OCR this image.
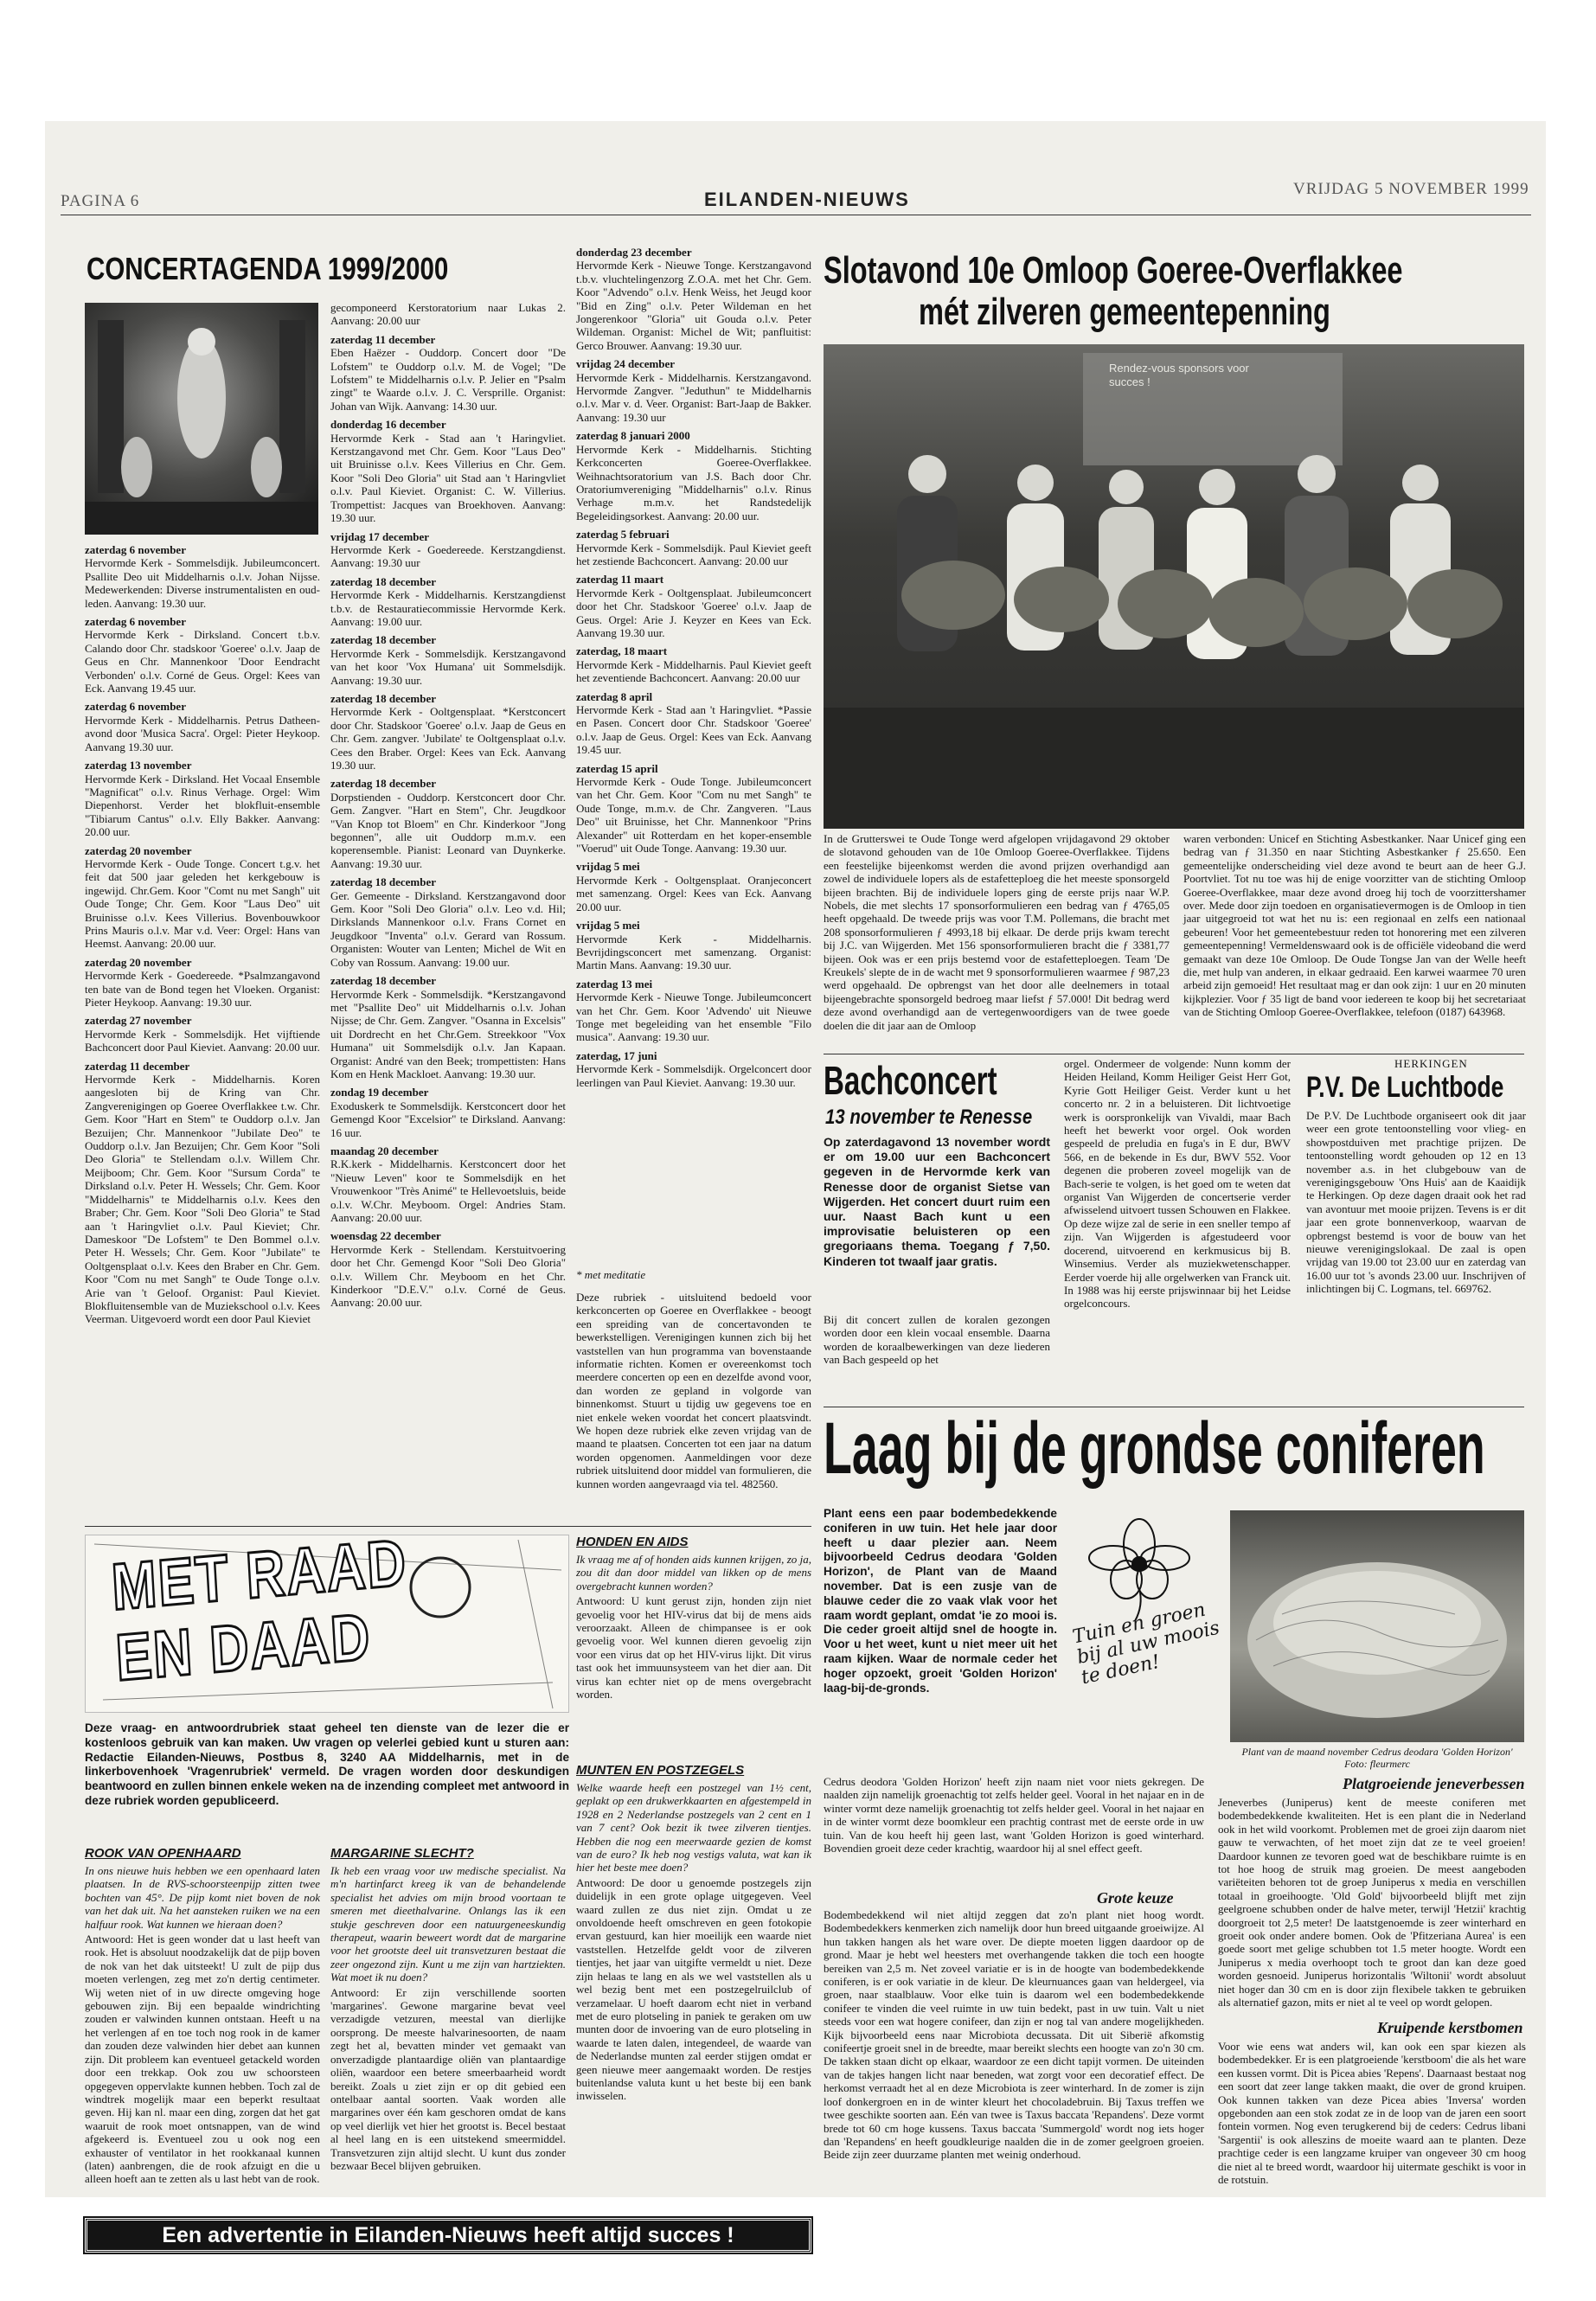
PAGINA 6	EILANDEN-NIEUWS	VRIJDAG 5 NOVEMBER 1999
CONCERTAGENDA 1999/2000
zaterdag 6 november

Hervormde Kerk - Sommelsdijk. Jubileumconcert. Psallite Deo uit Middelharnis o.l.v. Johan Nijsse. Medewerkenden: Diverse instrumentalisten en oud-leden. Aanvang: 19.30 uur.

zaterdag 6 november

Hervormde Kerk - Dirksland. Concert t.b.v. Calando door Chr. stadskoor 'Goeree' o.l.v. Jaap de Geus en Chr. Mannenkoor 'Door Eendracht Verbonden' o.l.v. Corné de Geus. Orgel: Kees van Eck. Aanvang 19.45 uur.

zaterdag 6 november

Hervormde Kerk - Middelharnis. Petrus Datheen-avond door 'Musica Sacra'. Orgel: Pieter Heykoop. Aanvang 19.30 uur.

zaterdag 13 november

Hervormde Kerk - Dirksland. Het Vocaal Ensemble "Magnificat" o.l.v. Rinus Verhage. Orgel: Wim Diepenhorst. Verder het blokfluit-ensemble "Tibiarum Cantus" o.l.v. Elly Bakker. Aanvang: 20.00 uur.

zaterdag 20 november

Hervormde Kerk - Oude Tonge. Concert t.g.v. het feit dat 500 jaar geleden het kerkgebouw is ingewijd. Chr.Gem. Koor "Comt nu met Sangh" uit Oude Tonge; Chr. Gem. Koor "Laus Deo" uit Bruinisse o.l.v. Kees Villerius. Bovenbouwkoor Prins Mauris o.l.v. Mar v.d. Veer: Orgel: Hans van Heemst. Aanvang: 20.00 uur.

zaterdag 20 november

Hervormde Kerk - Goedereede. *Psalmzangavond ten bate van de Bond tegen het Vloeken. Organist: Pieter Heykoop. Aanvang: 19.30 uur.

zaterdag 27 november

Hervormde Kerk - Sommelsdijk. Het vijftiende Bachconcert door Paul Kieviet. Aanvang: 20.00 uur.

zaterdag 11 december

Hervormde Kerk - Middelharnis. Koren aangesloten bij de Kring van Chr. Zangverenigingen op Goeree Overflakkee t.w. Chr. Gem. Koor "Hart en Stem" te Ouddorp o.l.v. Jan Bezuijen; Chr. Mannenkoor "Jubilate Deo" te Ouddorp o.l.v. Jan Bezuijen; Chr. Gem Koor "Soli Deo Gloria" te Stellendam o.l.v. Willem Chr. Meijboom; Chr. Gem. Koor "Sursum Corda" te Dirksland o.l.v. Peter H. Wessels; Chr. Gem. Koor "Middelharnis" te Middelharnis o.l.v. Kees den Braber; Chr. Gem. Koor "Soli Deo Gloria" te Stad aan 't Haringvliet o.l.v. Paul Kieviet; Chr. Dameskoor "De Lofstem" te Den Bommel o.l.v. Peter H. Wessels; Chr. Gem. Koor "Jubilate" te Ooltgensplaat o.l.v. Kees den Braber en Chr. Gem. Koor "Com nu met Sangh" te Oude Tonge o.l.v. Arie van 't Geloof. Organist: Paul Kieviet. Blokfluitensemble van de Muziekschool o.l.v. Kees Veerman. Uitgevoerd wordt een door Paul Kieviet

gecomponeerd Kerstoratorium naar Lukas 2. Aanvang: 20.00 uur

zaterdag 11 december

Eben Haëzer - Ouddorp. Concert door "De Lofstem" te Ouddorp o.l.v. M. de Vogel; "De Lofstem" te Middelharnis o.l.v. P. Jelier en "Psalm zingt" te Waarde o.l.v. J. C. Versprille. Organist: Johan van Wijk. Aanvang: 14.30 uur.

donderdag 16 december

Hervormde Kerk - Stad aan 't Haringvliet. Kerstzangavond met Chr. Gem. Koor "Laus Deo" uit Bruinisse o.l.v. Kees Villerius en Chr. Gem. Koor "Soli Deo Gloria" uit Stad aan 't Haringvliet o.l.v. Paul Kieviet. Organist: C. W. Villerius. Trompettist: Jacques van Broekhoven. Aanvang: 19.30 uur.

vrijdag 17 december

Hervormde Kerk - Goedereede. Kerstzangdienst. Aanvang: 19.30 uur

zaterdag 18 december

Hervormde Kerk - Middelharnis. Kerstzangdienst t.b.v. de Restauratiecommissie Hervormde Kerk. Aanvang: 19.00 uur.

zaterdag 18 december

Hervormde Kerk - Sommelsdijk. Kerstzangavond van het koor 'Vox Humana' uit Sommelsdijk. Aanvang: 19.30 uur.

zaterdag 18 december

Hervormde Kerk - Ooltgensplaat. *Kerstconcert door Chr. Stadskoor 'Goeree' o.l.v. Jaap de Geus en Chr. Gem. zangver. 'Jubilate' te Ooltgensplaat o.l.v. Cees den Braber. Orgel: Kees van Eck. Aanvang 19.30 uur.

zaterdag 18 december

Dorpstienden - Ouddorp. Kerstconcert door Chr. Gem. Zangver. "Hart en Stem", Chr. Jeugdkoor "Van Knop tot Bloem" en Chr. Kinderkoor "Jong begonnen", alle uit Ouddorp m.m.v. een koperensemble. Pianist: Leonard van Duynkerke. Aanvang: 19.30 uur.

zaterdag 18 december

Ger. Gemeente - Dirksland. Kerstzangavond door Gem. Koor "Soli Deo Gloria" o.l.v. Leo v.d. Hil; Dirkslands Mannenkoor o.l.v. Frans Cornet en Jeugdkoor "Inventa" o.l.v. Gerard van Rossum. Organisten: Wouter van Lenten; Michel de Wit en Coby van Rossum. Aanvang: 19.00 uur.

zaterdag 18 december

Hervormde Kerk - Sommelsdijk. *Kerstzangavond met "Psallite Deo" uit Middelharnis o.l.v. Johan Nijsse; de Chr. Gem. Zangver. "Osanna in Excelsis" uit Dordrecht en het Chr.Gem. Streekkoor "Vox Humana" uit Sommelsdijk o.l.v. Jan Kapaan. Organist: André van den Beek; trompettisten: Hans Kom en Henk Mackloet. Aanvang: 19.30 uur.

zondag 19 december

Exoduskerk te Sommelsdijk. Kerstconcert door het Gemengd Koor "Excelsior" te Dirksland. Aanvang: 16 uur.

maandag 20 december

R.K.kerk - Middelharnis. Kerstconcert door het "Nieuw Leven" koor te Sommelsdijk en het Vrouwenkoor "Très Animé" te Hellevoetsluis, beide o.l.v. W.Chr. Meyboom. Orgel: Andries Stam. Aanvang: 20.00 uur.

woensdag 22 december

Hervormde Kerk - Stellendam. Kerstuitvoering door het Chr. Gemengd Koor "Soli Deo Gloria" o.l.v. Willem Chr. Meyboom en het Chr. Kinderkoor "D.E.V." o.l.v. Corné de Geus. Aanvang: 20.00 uur.

donderdag 23 december

Hervormde Kerk - Nieuwe Tonge. Kerstzangavond t.b.v. vluchtelingenzorg Z.O.A. met het Chr. Gem. Koor "Advendo" o.l.v. Henk Weiss, het Jeugd koor "Bid en Zing" o.l.v. Peter Wildeman en het Jongerenkoor "Gloria" uit Gouda o.l.v. Peter Wildeman. Organist: Michel de Wit; panfluitist: Gerco Brouwer. Aanvang: 19.30 uur.

vrijdag 24 december

Hervormde Kerk - Middelharnis. Kerstzangavond. Hervormde Zangver. "Jeduthun" te Middelharnis o.l.v. Mar v. d. Veer. Organist: Bart-Jaap de Bakker. Aanvang: 19.30 uur

zaterdag 8 januari 2000

Hervormde Kerk - Middelharnis. Stichting Kerkconcerten Goeree-Overflakkee. Weihnachtsoratorium van J.S. Bach door Chr. Oratoriumvereniging "Middelharnis" o.l.v. Rinus Verhage m.m.v. het Randstedelijk Begeleidingsorkest. Aanvang: 20.00 uur.

zaterdag 5 februari

Hervormde Kerk - Sommelsdijk. Paul Kieviet geeft het zestiende Bachconcert. Aanvang: 20.00 uur

zaterdag 11 maart

Hervormde Kerk - Ooltgensplaat. Jubileumconcert door het Chr. Stadskoor 'Goeree' o.l.v. Jaap de Geus. Orgel: Arie J. Keyzer en Kees van Eck. Aanvang 19.30 uur.

zaterdag, 18 maart

Hervormde Kerk - Middelharnis. Paul Kieviet geeft het zeventiende Bachconcert. Aanvang: 20.00 uur

zaterdag 8 april

Hervormde Kerk - Stad aan 't Haringvliet. *Passie en Pasen. Concert door Chr. Stadskoor 'Goeree' o.l.v. Jaap de Geus. Orgel: Kees van Eck. Aanvang 19.45 uur.

zaterdag 15 april

Hervormde Kerk - Oude Tonge. Jubileumconcert van het Chr. Gem. Koor "Com nu met Sangh" te Oude Tonge, m.m.v. de Chr. Zangveren. "Laus Deo" uit Bruinisse, het Chr. Mannenkoor "Prins Alexander" uit Rotterdam en het koper-ensemble "Voerud" uit Oude Tonge. Aanvang: 19.30 uur.

vrijdag 5 mei

Hervormde Kerk - Ooltgensplaat. Oranjeconcert met samenzang. Orgel: Kees van Eck. Aanvang 20.00 uur.

vrijdag 5 mei

Hervormde Kerk - Middelharnis. Bevrijdingsconcert met samenzang. Organist: Martin Mans. Aanvang: 19.30 uur.

zaterdag 13 mei

Hervormde Kerk - Nieuwe Tonge. Jubileumconcert van het Chr. Gem. Koor 'Advendo' uit Nieuwe Tonge met begeleiding van het ensemble "Filo musica". Aanvang: 19.30 uur.

zaterdag, 17 juni

Hervormde Kerk - Sommelsdijk. Orgelconcert door leerlingen van Paul Kieviet. Aanvang: 19.30 uur.

* met meditatie
Deze rubriek - uitsluitend bedoeld voor kerkconcerten op Goeree en Overflakkee - beoogt een spreiding van de concertavonden te bewerkstelligen. Verenigingen kunnen zich bij het vaststellen van hun programma van bovenstaande informatie richten. Komen er overeenkomst toch meerdere concerten op een en dezelfde avond voor, dan worden ze gepland in volgorde van binnenkomst. Stuurt u tijdig uw gegevens toe en niet enkele weken voordat het concert plaatsvindt. We hopen deze rubriek elke zeven vrijdag van de maand te plaatsen. Concerten tot een jaar na datum worden opgenomen. Aanmeldingen voor deze rubriek uitsluitend door middel van formulieren, die kunnen worden aangevraagd via tel. 482560.
Slotavond 10e Omloop Goeree-Overflakkee
mét zilveren gemeentepenning
Rendez-vous sponsors voor succes !
In de Grutterswei te Oude Tonge werd afgelopen vrijdagavond 29 oktober de slotavond gehouden van de 10e Omloop Goeree-Overflakkee. Tijdens een feestelijke bijeenkomst werden die avond prijzen overhandigd aan zowel de individuele lopers als de estafetteploeg die het meeste sponsorgeld bijeen brachten. Bij de individuele lopers ging de eerste prijs naar W.P. Nobels, die met slechts 17 sponsorformulieren een bedrag van ƒ 4765,05 heeft opgehaald. De tweede prijs was voor T.M. Pollemans, die bracht met 208 sponsorformulieren ƒ 4993,18 bij elkaar. De derde prijs kwam terecht bij J.C. van Wijgerden. Met 156 sponsorformulieren bracht die ƒ 3381,77 bijeen. Ook was er een prijs bestemd voor de estafetteploegen. Team 'De Kreukels' slepte de in de wacht met 9 sponsorformulieren waarmee ƒ 987,23 werd opgehaald. De opbrengst van het door alle deelnemers in totaal bijeengebrachte sponsorgeld bedroeg maar liefst ƒ 57.000! Dit bedrag werd deze avond overhandigd aan de vertegenwoordigers van de twee goede doelen die dit jaar aan de Omloop
waren verbonden: Unicef en Stichting Asbestkanker. Naar Unicef ging een bedrag van ƒ 31.350 en naar Stichting Asbestkanker ƒ 25.650. Een gemeentelijke onderscheiding viel deze avond te beurt aan de heer G.J. Poortvliet. Tot nu toe was hij de enige voorzitter van de stichting Omloop Goeree-Overflakkee, maar deze avond droeg hij toch de voorzittershamer over. Mede door zijn toedoen en organisatievermogen is de Omloop in tien jaar uitgegroeid tot wat het nu is: een regionaal en zelfs een nationaal gebeuren! Voor het gemeentebestuur reden tot honorering met een zilveren gemeentepenning! Vermeldenswaard ook is de officiële videoband die werd gemaakt van deze 10e Omloop. De Oude Tongse Jan van der Welle heeft die, met hulp van anderen, in elkaar gedraaid. Een karwei waarmee 70 uren arbeid zijn gemoeid! Het resultaat mag er dan ook zijn: 1 uur en 20 minuten kijkplezier. Voor ƒ 35 ligt de band voor iedereen te koop bij het secretariaat van de Stichting Omloop Goeree-Overflakkee, telefoon (0187) 643968.
Bachconcert
13 november te Renesse
Op zaterdagavond 13 november wordt er om 19.00 uur een Bachconcert gegeven in de Hervormde kerk van Renesse door de organist Sietse van Wijgerden. Het concert duurt ruim een uur. Naast Bach kunt u een improvisatie beluisteren op een gregoriaans thema. Toegang ƒ 7,50. Kinderen tot twaalf jaar gratis.
Bij dit concert zullen de koralen gezongen worden door een klein vocaal ensemble. Daarna worden de koraalbewerkingen van deze liederen van Bach gespeeld op het
orgel. Ondermeer de volgende: Nunn komm der Heiden Heiland, Komm Heiliger Geist Herr Got, Kyrie Gott Heiliger Geist. Verder kunt u het concerto nr. 2 in a beluisteren. Dit lichtvoetige werk is oorspronkelijk van Vivaldi, maar Bach heeft het bewerkt voor orgel. Ook worden gespeeld de preludia en fuga's in E dur, BWV 566, en de bekende in Es dur, BWV 552. Voor degenen die proberen zoveel mogelijk van de Bach-serie te volgen, is het goed om te weten dat organist Van Wijgerden de concertserie verder afwisselend uitvoert tussen Schouwen en Flakkee. Op deze wijze zal de serie in een sneller tempo af zijn. Van Wijgerden is afgestudeerd voor docerend, uitvoerend en kerkmusicus bij B. Winsemius. Verder als muziekwetenschapper. Eerder voerde hij alle orgelwerken van Franck uit. In 1988 was hij eerste prijswinnaar bij het Leidse orgelconcours.
HERKINGEN
P.V. De Luchtbode
De P.V. De Luchtbode organiseert ook dit jaar weer een grote tentoonstelling voor vlieg- en showpostduiven met prachtige prijzen. De tentoonstelling wordt gehouden op 12 en 13 november a.s. in het clubgebouw van de verenigingsgebouw 'Ons Huis' aan de Kaaidijk te Herkingen. Op deze dagen draait ook het rad van avontuur met mooie prijzen. Tevens is er dit jaar een grote bonnenverkoop, waarvan de opbrengst bestemd is voor de bouw van het nieuwe verenigingslokaal. De zaal is open vrijdag van 19.00 tot 23.00 uur en zaterdag van 16.00 uur tot 's avonds 23.00 uur. Inschrijven of inlichtingen bij C. Logmans, tel. 669762.
Laag bij de grondse coniferen
Plant eens een paar bodembedekkende coniferen in uw tuin. Het hele jaar door heeft u daar plezier aan. Neem bijvoorbeeld Cedrus deodara 'Golden Horizon', de Plant van de Maand november. Dat is een zusje van de blauwe ceder die zo vaak vlak voor het raam wordt geplant, omdat 'ie zo mooi is. Die ceder groeit altijd snel de hoogte in. Voor u het weet, kunt u niet meer uit het raam kijken. Waar de normale ceder het hoger opzoekt, groeit 'Golden Horizon' laag-bij-de-gronds.
Tuin en groen bij al uw moois te doen!
Plant van de maand november Cedrus deodara 'Golden Horizon' Foto: fleurmerc
Cedrus deodora 'Golden Horizon' heeft zijn naam niet voor niets gekregen. De naalden zijn namelijk groenachtig tot zelfs helder geel. Vooral in het najaar en in de winter vormt deze namelijk groenachtig tot zelfs helder geel. Vooral in het najaar en in de winter vormt deze boomkleur een prachtig contrast met de eerste orde in uw tuin. Van de kou heeft hij geen last, want 'Golden Horizon is goed winterhard. Bovendien groeit deze ceder krachtig, waardoor hij al snel effect geeft.
Grote keuze
Bodembedekkend wil niet altijd zeggen dat zo'n plant niet hoog wordt. Bodembedekkers kenmerken zich namelijk door hun breed uitgaande groeiwijze. Al hun takken hangen als het ware over. De diepte moeten liggen daardoor op de grond. Maar je hebt wel heesters met overhangende takken die toch een hoogte bereiken van 2,5 m. Net zoveel variatie er is in de hoogte van bodembedekkende coniferen, is er ook variatie in de kleur. De kleurnuances gaan van heldergeel, via groen, naar staalblauw. Voor elke tuin is daarom wel een bodembedekkende conifeer te vinden die veel ruimte in uw tuin bedekt, past in uw tuin. Valt u niet steeds voor een wat hogere conifeer, dan zijn er nog tal van andere mogelijkheden. Kijk bijvoorbeeld eens naar Microbiota decussata. Dit uit Siberië afkomstig conifeertje groeit snel in de breedte, maar bereikt slechts een hoogte van zo'n 30 cm. De takken staan dicht op elkaar, waardoor ze een dicht tapijt vormen. De uiteinden van de takjes hangen licht naar beneden, wat zorgt voor een decoratief effect. De herkomst verraadt het al en deze Microbiota is zeer winterhard. In de zomer is zijn loof donkergroen en in de winter kleurt het chocoladebruin. Bij Taxus treffen we twee geschikte soorten aan. Eén van twee is Taxus baccata 'Repandens'. Deze vormt brede tot 60 cm hoge kussens. Taxus baccata 'Summergold' wordt nog iets hoger dan 'Repandens' en heeft goudkleurige naalden die in de zomer geelgroen groeien. Beide zijn zeer duurzame planten met weinig onderhoud.
Platgroeiende jeneverbessen
Jeneverbes (Juniperus) kent de meeste coniferen met bodembedekkende kwaliteiten. Het is een plant die in Nederland ook in het wild voorkomt. Problemen met de groei zijn daarom niet gauw te verwachten, of het moet zijn dat ze te veel groeien! Daardoor kunnen ze tevoren goed wat de beschikbare ruimte is en tot hoe hoog de struik mag groeien. De meest aangeboden variëteiten behoren tot de groep Juniperus x media en verschillen totaal in groeihoogte. 'Old Gold' bijvoorbeeld blijft met zijn geelgroene schubben onder de halve meter, terwijl 'Hetzii' krachtig doorgroeit tot 2,5 meter! De laatstgenoemde is zeer winterhard en groeit ook onder andere bomen. Ook de 'Pfitzeriana Aurea' is een goede soort met gelige schubben tot 1.5 meter hoogte. Wordt een Juniperus x media overhoopt toch te groot dan kan deze goed worden gesnoeid. Juniperus horizontalis 'Wiltonii' wordt absoluut niet hoger dan 30 cm en is door zijn flexibele takken te gebruiken als alternatief gazon, mits er niet al te veel op wordt gelopen.
Kruipende kerstbomen
Voor wie eens wat anders wil, kan ook een spar kiezen als bodembedekker. Er is een platgroeiende 'kerstboom' die als het ware een kussen vormt. Dit is Picea abies 'Repens'. Daarnaast bestaat nog een soort dat zeer lange takken maakt, die over de grond kruipen. Ook kunnen takken van deze Picea abies 'Inversa' worden opgebonden aan een stok zodat ze in de loop van de jaren een soort fontein vormen. Nog even terugkerend bij de ceders: Cedrus libani 'Sargentii' is ook alleszins de moeite waard aan te planten. Deze prachtige ceder is een langzame kruiper van ongeveer 30 cm hoog die niet al te breed wordt, waardoor hij uitermate geschikt is voor in de rotstuin.
MET RAAD EN DAAD
Deze vraag- en antwoordrubriek staat geheel ten dienste van de lezer die er kostenloos gebruik van kan maken. Uw vragen op velerlei gebied kunt u sturen aan: Redactie Eilanden-Nieuws, Postbus 8, 3240 AA Middelharnis, met in de linkerbovenhoek 'Vragenrubriek' vermeld. De vragen worden door deskundigen beantwoord en zullen binnen enkele weken na de inzending compleet met antwoord in deze rubriek worden gepubliceerd.
ROOK VAN OPENHAARD
In ons nieuwe huis hebben we een openhaard laten plaatsen. In de RVS-schoorsteenpijp zitten twee bochten van 45°. De pijp komt niet boven de nok van het dak uit. Na het aansteken ruiken we na een halfuur rook. Wat kunnen we hieraan doen?
Antwoord: Het is geen wonder dat u last heeft van rook. Het is absoluut noodzakelijk dat de pijp boven de nok van het dak uitsteekt! U zult de pijp dus moeten verlengen, zeg met zo'n dertig centimeter. Wij weten niet of in uw directe omgeving hoge gebouwen zijn. Bij een bepaalde windrichting zouden er valwinden kunnen ontstaan. Heeft u na het verlengen af en toe toch nog rook in de kamer dan zouden deze valwinden hier debet aan kunnen zijn. Dit probleem kan eventueel getackeld worden door een trekkap. Ook zou uw schoorsteen opgegeven oppervlakte kunnen hebben. Toch zal de windtrek mogelijk maar een beperkt resultaat geven. Hij kan nl. maar een ding, zorgen dat het gat waaruit de rook moet ontsnappen, van de wind afgekeerd is. Eventueel zou u ook nog een exhauster of ventilator in het rookkanaal kunnen (laten) aanbrengen, die de rook afzuigt en die u alleen hoeft aan te zetten als u last hebt van de rook.
MARGARINE SLECHT?
Ik heb een vraag voor uw medische specialist. Na m'n hartinfarct kreeg ik van de behandelende specialist het advies om mijn brood voortaan te smeren met dieethalvarine. Onlangs las ik een stukje geschreven door een natuurgeneeskundig therapeut, waarin beweert wordt dat de margarine voor het grootste deel uit transvetzuren bestaat die zeer ongezond zijn. Kunt u me zijn van hartziekten. Wat moet ik nu doen?
Antwoord: Er zijn verschillende soorten 'margarines'. Gewone margarine bevat veel verzadigde vetzuren, meestal van dierlijke oorsprong. De meeste halvarinesoorten, de naam zegt het al, bevatten minder vet gemaakt van onverzadigde plantaardige oliën van plantaardige oliën, waardoor een betere smeerbaarheid wordt bereikt. Zoals u ziet zijn er op dit gebied een ontelbaar aantal soorten. Vaak worden alle margarines over één kam geschoren omdat de kans op veel dierlijk vet hier het grootst is. Becel bestaat al heel lang en is een uitstekend smeermiddel. Transvetzuren zijn altijd slecht. U kunt dus zonder bezwaar Becel blijven gebruiken.
HONDEN EN AIDS
Ik vraag me af of honden aids kunnen krijgen, zo ja, zou dit dan door middel van likken op de mens overgebracht kunnen worden?
Antwoord: U kunt gerust zijn, honden zijn niet gevoelig voor het HIV-virus dat bij de mens aids veroorzaakt. Alleen de chimpansee is er ook gevoelig voor. Wel kunnen dieren gevoelig zijn voor een virus dat op het HIV-virus lijkt. Dit virus tast ook het immuunsysteem van het dier aan. Dit virus kan echter niet op de mens overgebracht worden.
MUNTEN EN POSTZEGELS
Welke waarde heeft een postzegel van 1½ cent, geplakt op een drukwerkkaarten en afgestempeld in 1928 en 2 Nederlandse postzegels van 2 cent en 1 van 7 cent? Ook bezit ik twee zilveren tientjes. Hebben die nog een meerwaarde gezien de komst van de euro? Ik heb nog vestigs valuta, wat kan ik hier het beste mee doen?
Antwoord: De door u genoemde postzegels zijn duidelijk in een grote oplage uitgegeven. Veel waard zullen ze dus niet zijn. Omdat u ze onvoldoende heeft omschreven en geen fotokopie ervan gestuurd, kan hier moeilijk een waarde niet vaststellen. Hetzelfde geldt voor de zilveren tientjes, het jaar van uitgifte vermeldt u niet. Deze zijn helaas te lang en als we wel vaststellen als u wel bezig bent met een postzegelruilclub of verzamelaar. U hoeft daarom echt niet in verband met de euro plotseling in paniek te geraken om uw munten door de invoering van de euro plotseling in waarde te laten dalen, integendeel, de waarde van de Nederlandse munten zal eerder stijgen omdat er geen nieuwe meer aangemaakt worden. De restjes buitenlandse valuta kunt u het beste bij een bank inwisselen.
Een advertentie in Eilanden-Nieuws heeft altijd succes !
